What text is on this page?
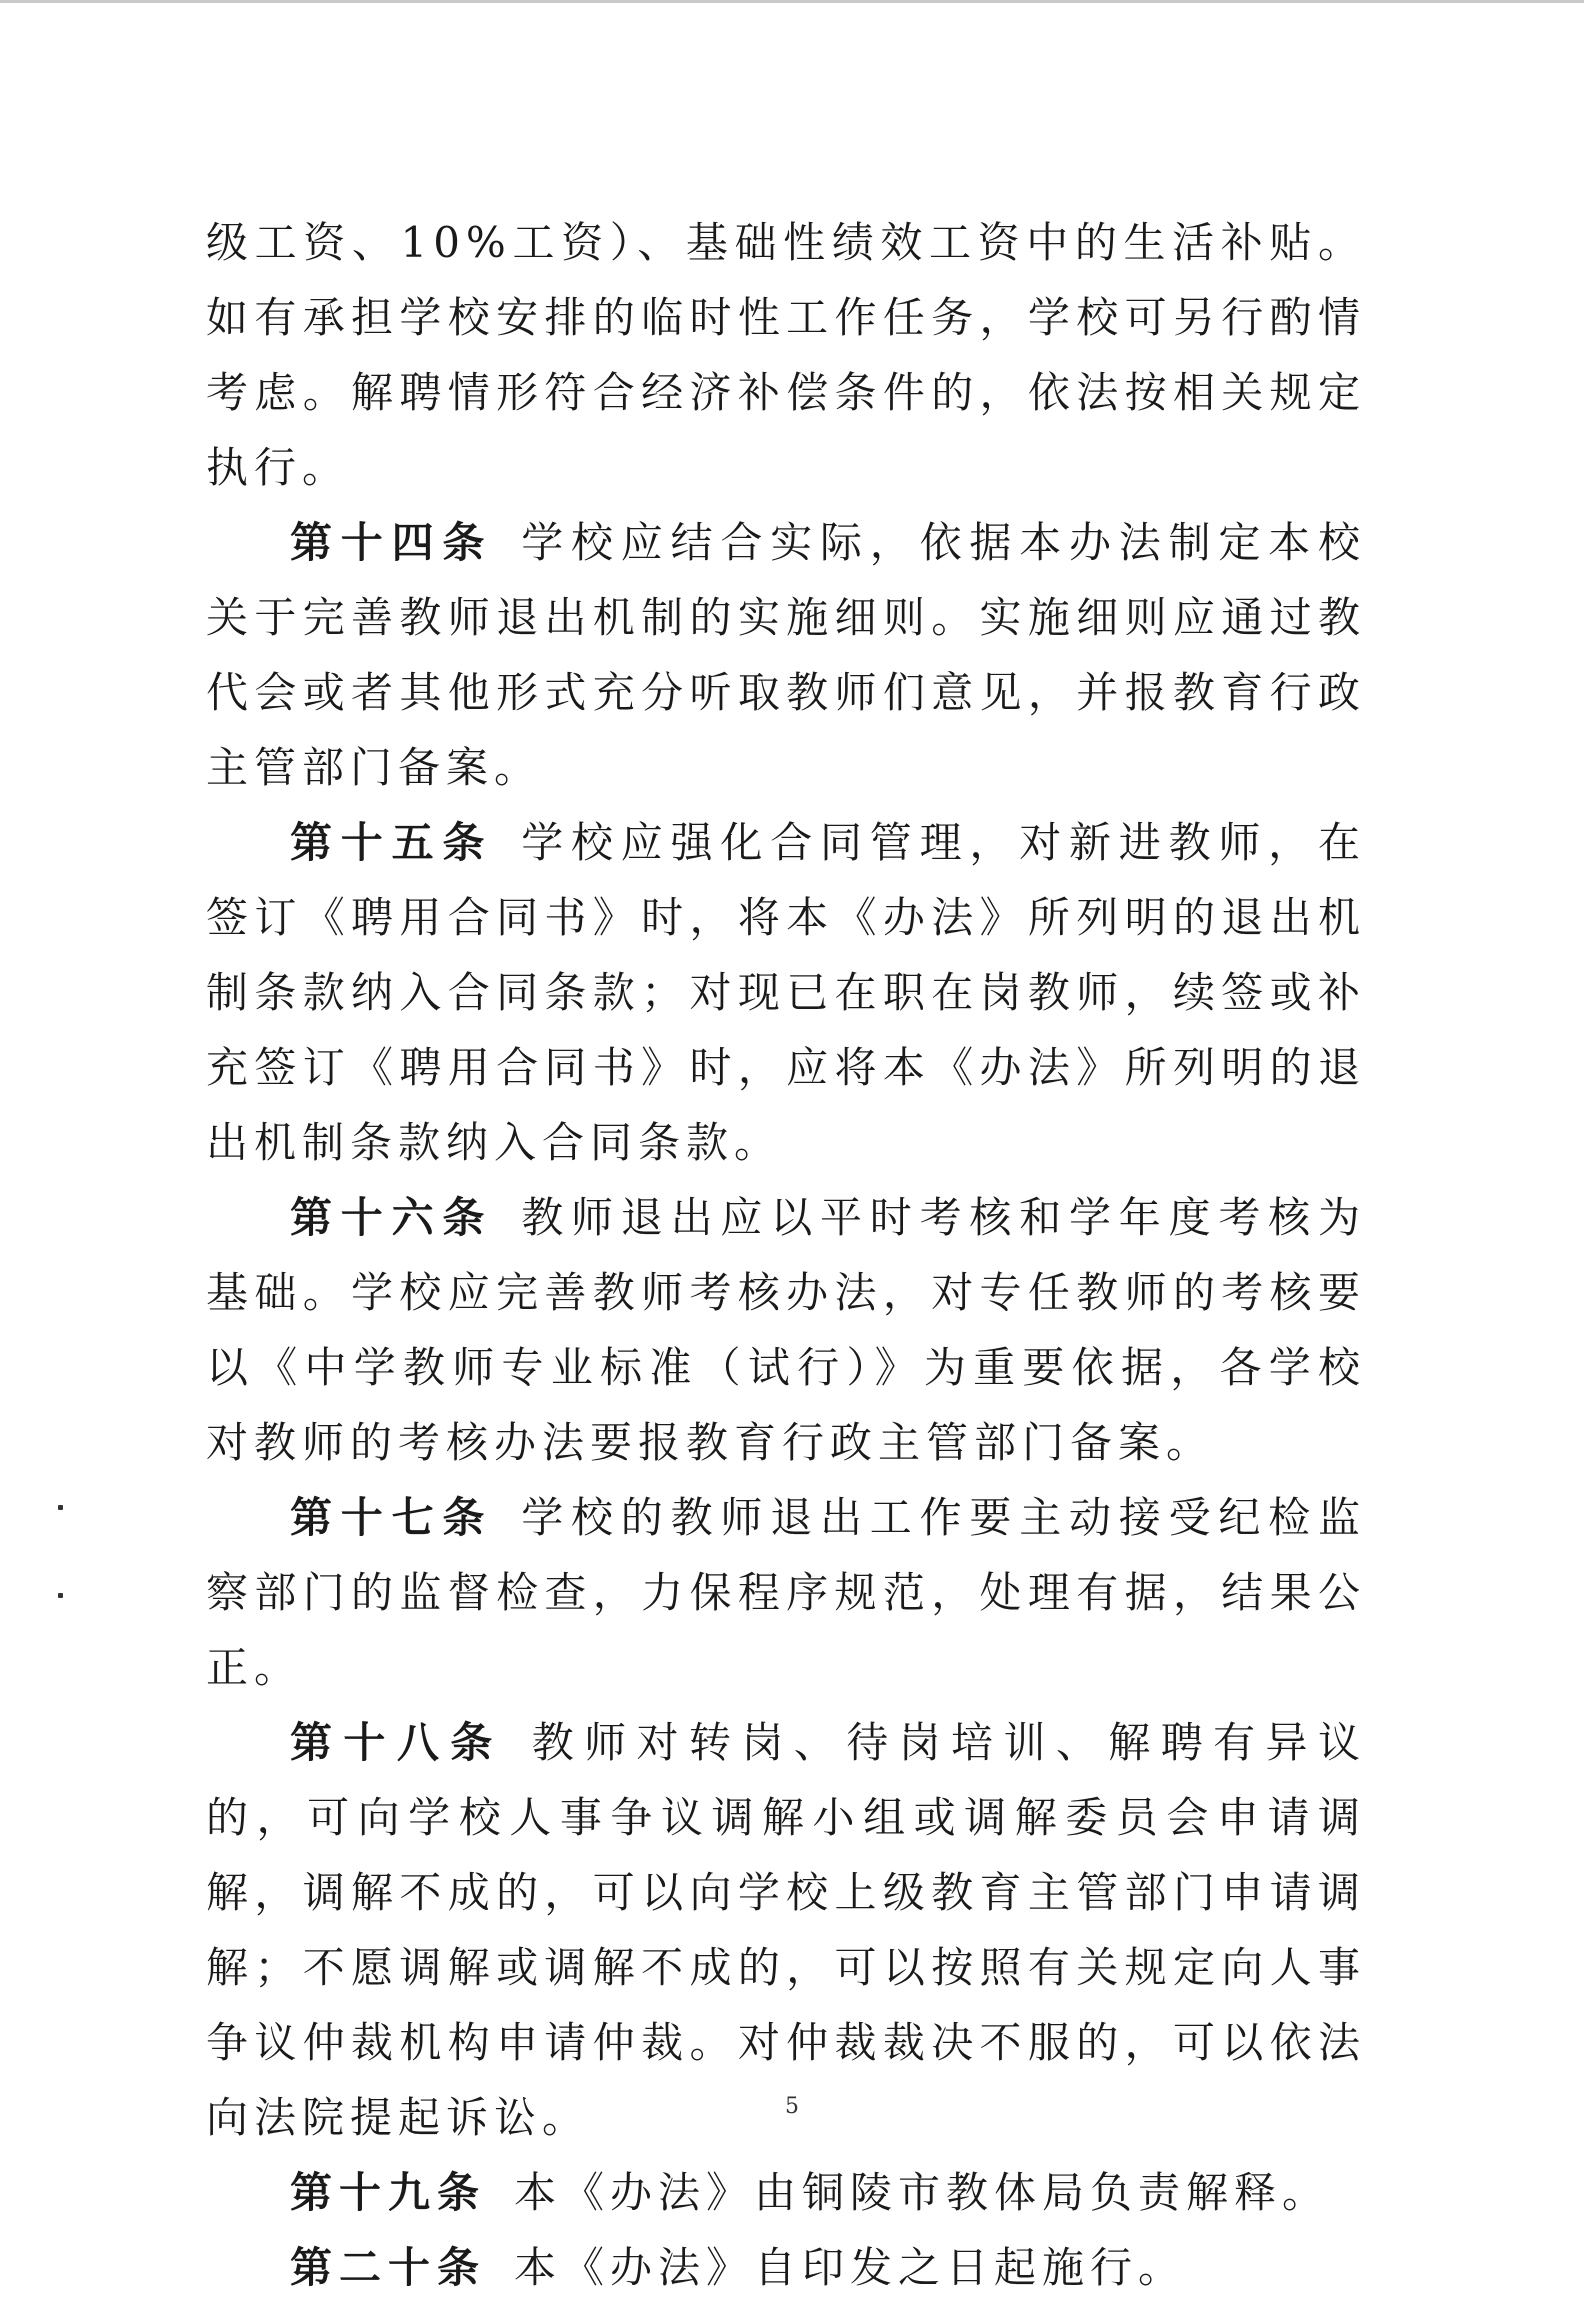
级工资、10%工资）、基础性绩效工资中的生活补贴。如有承担学校安排的临时性工作任务，学校可另行酌情考虑。解聘情形符合经济补偿条件的，依法按相关规定执行。

第十四条 学校应结合实际，依据本办法制定本校关于完善教师退出机制的实施细则。实施细则应通过教代会或者其他形式充分听取教师们意见，并报教育行政主管部门备案。

第十五条 学校应强化合同管理，对新进教师，在签订《聘用合同书》时，将本《办法》所列明的退出机制条款纳入合同条款；对现已在职在岗教师，续签或补充签订《聘用合同书》时，应将本《办法》所列明的退出机制条款纳入合同条款。

第十六条 教师退出应以平时考核和学年度考核为基础。学校应完善教师考核办法，对专任教师的考核要以《中学教师专业标准（试行）》为重要依据，各学校对教师的考核办法要报教育行政主管部门备案。

第十七条 学校的教师退出工作要主动接受纪检监察部门的监督检查，力保程序规范，处理有据，结果公正。

第十八条 教师对转岗、待岗培训、解聘有异议的，可向学校人事争议调解小组或调解委员会申请调解，调解不成的，可以向学校上级教育主管部门申请调解；不愿调解或调解不成的，可以按照有关规定向人事争议仲裁机构申请仲裁。对仲裁裁决不服的，可以依法向法院提起诉讼。

第十九条 本《办法》由铜陵市教体局负责解释。

第二十条 本《办法》自印发之日起施行。

5
